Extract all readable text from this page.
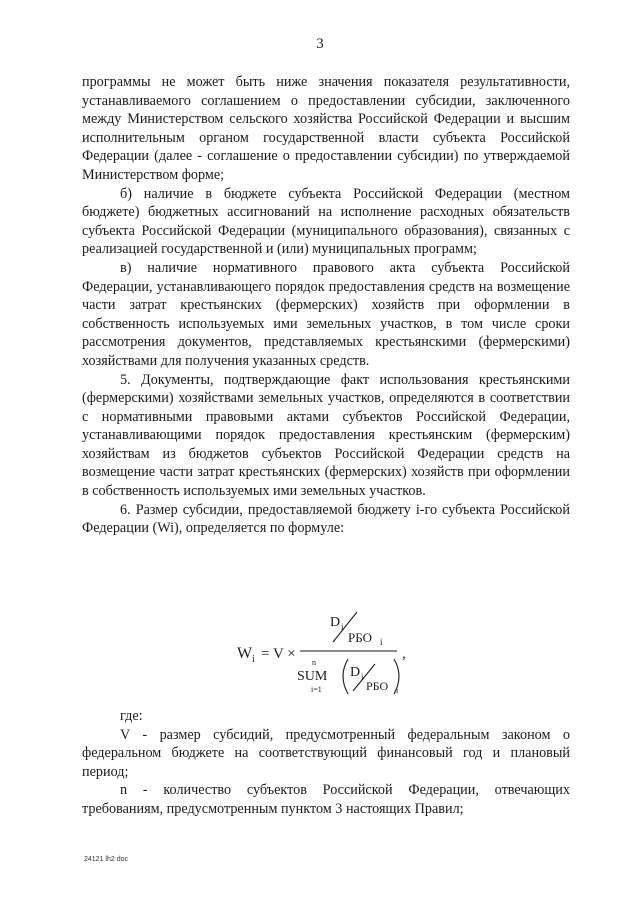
3

программы не может быть ниже значения показателя результативности, устанавливаемого соглашением о предоставлении субсидии, заключенного между Министерством сельского хозяйства Российской Федерации и высшим исполнительным органом государственной власти субъекта Российской Федерации (далее - соглашение о предоставлении субсидии) по утверждаемой Министерством форме;

б) наличие в бюджете субъекта Российской Федерации (местном бюджете) бюджетных ассигнований на исполнение расходных обязательств субъекта Российской Федерации (муниципального образования), связанных с реализацией государственной и (или) муниципальных программ;

в) наличие нормативного правового акта субъекта Российской Федерации, устанавливающего порядок предоставления средств на возмещение части затрат крестьянских (фермерских) хозяйств при оформлении в собственность используемых ими земельных участков, в том числе сроки рассмотрения документов, представляемых крестьянскими (фермерскими) хозяйствами для получения указанных средств.

5. Документы, подтверждающие факт использования крестьянскими (фермерскими) хозяйствами земельных участков, определяются в соответствии с нормативными правовыми актами субъектов Российской Федерации, устанавливающими порядок предоставления крестьянским (фермерским) хозяйствам из бюджетов субъектов Российской Федерации средств на возмещение части затрат крестьянских (фермерских) хозяйств при оформлении в собственность используемых ими земельных участков.

6. Размер субсидии, предоставляемой бюджету i-го субъекта Российской Федерации (Wi), определяется по формуле:

W i = V ×
D i
РБО i
n
SUM
i=1
D i
РБО i
,

где:

V - размер субсидий, предусмотренный федеральным законом о федеральном бюджете на соответствующий финансовый год и плановый период;

n - количество субъектов Российской Федерации, отвечающих требованиям, предусмотренным пунктом 3 настоящих Правил;

24121 lh2 doc
